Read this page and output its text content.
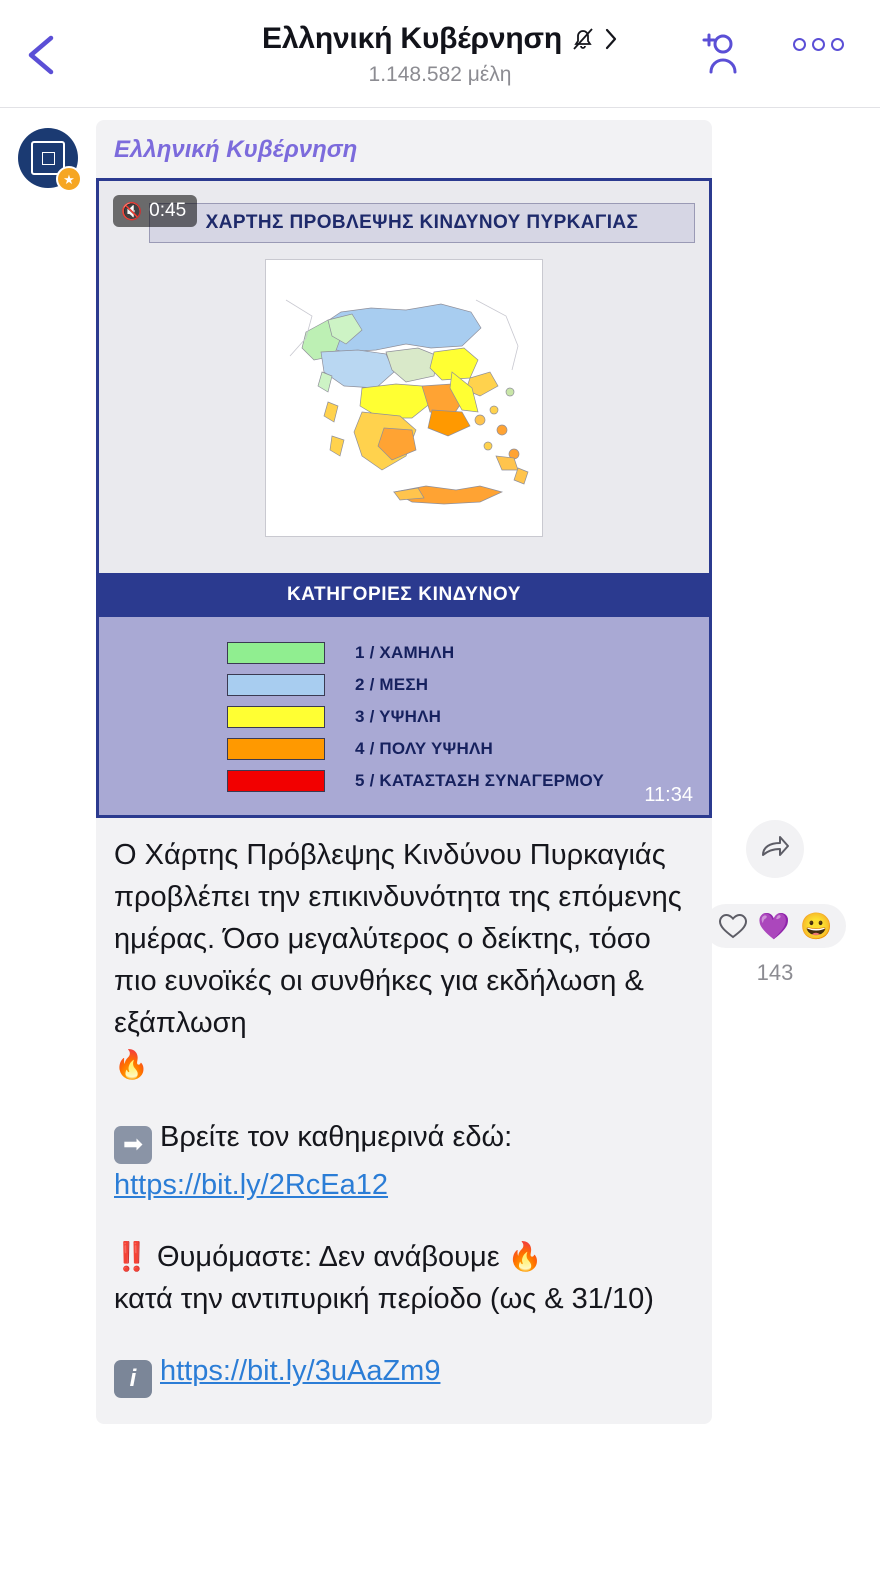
Ελληνική Κυβέρνηση
1.148.582 μέλη
★
Ελληνική Κυβέρνηση
🔇 0:45
ΧΑΡΤΗΣ ΠΡΟΒΛΕΨΗΣ ΚΙΝΔΥΝΟΥ ΠΥΡΚΑΓΙΑΣ
ΚΑΤΗΓΟΡΙΕΣ ΚΙΝΔΥΝΟΥ
1 / ΧΑΜΗΛΗ
2 / ΜΕΣΗ
3 / ΥΨΗΛΗ
4 / ΠΟΛΥ ΥΨΗΛΗ
5 / ΚΑΤΑΣΤΑΣΗ ΣΥΝΑΓΕΡΜΟΥ
11:34

Ο Χάρτης Πρόβλεψης Κινδύνου Πυρκαγιάς προβλέπει την επικινδυνότητα της επόμενης ημέρας. Όσο μεγαλύτερος ο δείκτης, τόσο πιο ευνοϊκές οι συνθήκες για εκδήλωση & εξάπλωση
🔥

➡ Βρείτε τον καθημερινά εδώ:
https://bit.ly/2RcEa12

‼️ Θυμόμαστε: Δεν ανάβουμε 🔥
κατά την αντιπυρική περίοδο (ως & 31/10)

i https://bit.ly/3uAaZm9

💜 😀
143
